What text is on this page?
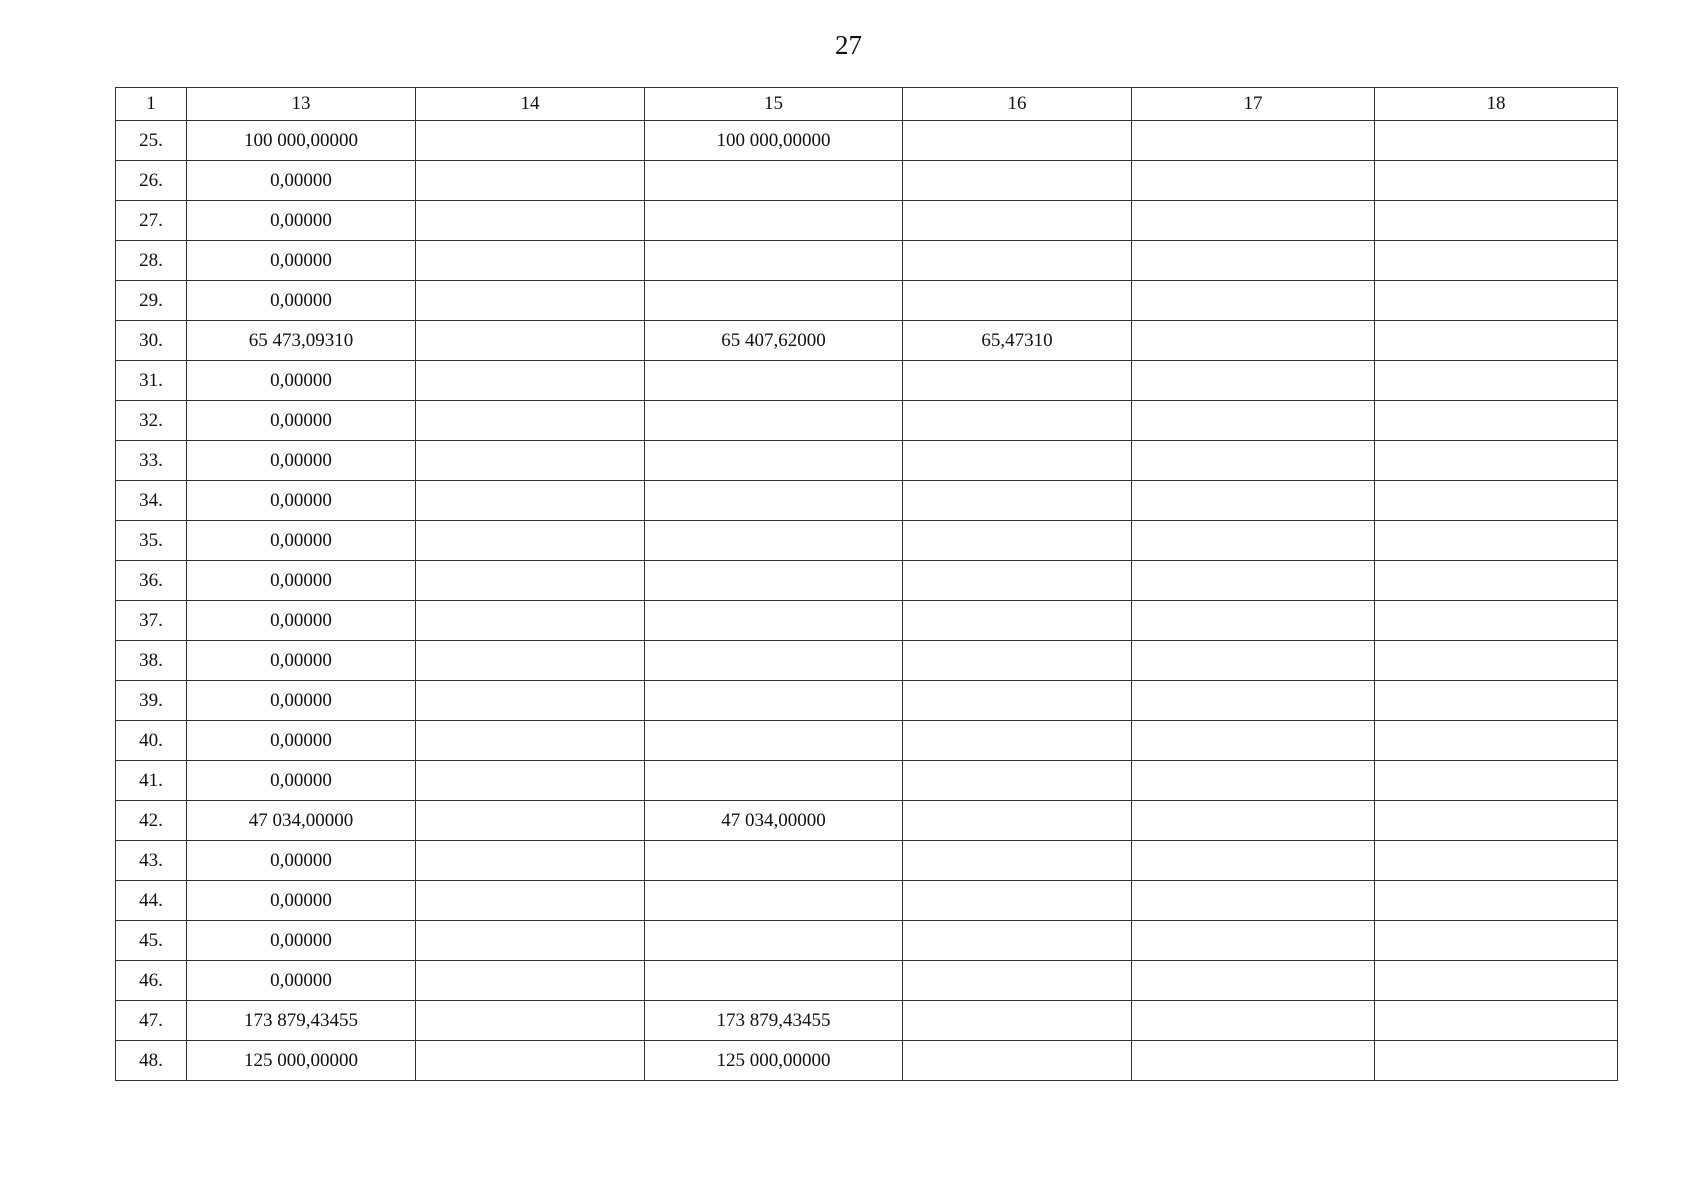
27
1	13	14	15	16	17	18
25.	100 000,00000		100 000,00000			
26.	0,00000					
27.	0,00000					
28.	0,00000					
29.	0,00000					
30.	65 473,09310		65 407,62000	65,47310		
31.	0,00000					
32.	0,00000					
33.	0,00000					
34.	0,00000					
35.	0,00000					
36.	0,00000					
37.	0,00000					
38.	0,00000					
39.	0,00000					
40.	0,00000					
41.	0,00000					
42.	47 034,00000		47 034,00000			
43.	0,00000					
44.	0,00000					
45.	0,00000					
46.	0,00000					
47.	173 879,43455		173 879,43455			
48.	125 000,00000		125 000,00000			
